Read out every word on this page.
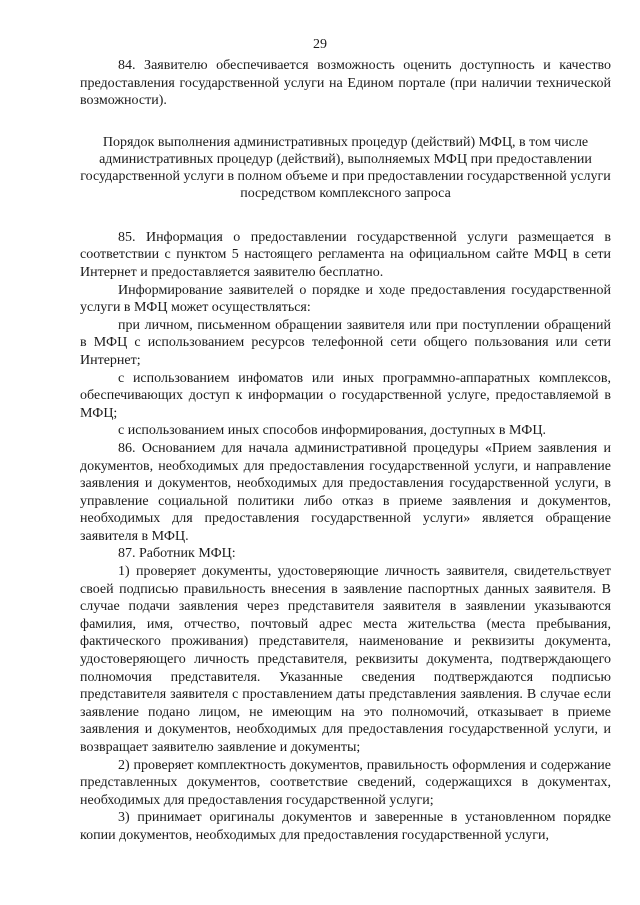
29

84. Заявителю обеспечивается возможность оценить доступность и качество предоставления государственной услуги на Едином портале (при наличии технической возможности).

Порядок выполнения административных процедур (действий) МФЦ, в том числе административных процедур (действий), выполняемых МФЦ при предоставлении государственной услуги в полном объеме и при предоставлении государственной услуги посредством комплексного запроса

85. Информация о предоставлении государственной услуги размещается в соответствии с пунктом 5 настоящего регламента на официальном сайте МФЦ в сети Интернет и предоставляется заявителю бесплатно.

Информирование заявителей о порядке и ходе предоставления государственной услуги в МФЦ может осуществляться:

при личном, письменном обращении заявителя или при поступлении обращений в МФЦ с использованием ресурсов телефонной сети общего пользования или сети Интернет;

с использованием инфоматов или иных программно-аппаратных комплексов, обеспечивающих доступ к информации о государственной услуге, предоставляемой в МФЦ;

с использованием иных способов информирования, доступных в МФЦ.

86. Основанием для начала административной процедуры «Прием заявления и документов, необходимых для предоставления государственной услуги, и направление заявления и документов, необходимых для предоставления государственной услуги, в управление социальной политики либо отказ в приеме заявления и документов, необходимых для предоставления государственной услуги» является обращение заявителя в МФЦ.

87. Работник МФЦ:

1) проверяет документы, удостоверяющие личность заявителя, свидетельствует своей подписью правильность внесения в заявление паспортных данных заявителя. В случае подачи заявления через представителя заявителя в заявлении указываются фамилия, имя, отчество, почтовый адрес места жительства (места пребывания, фактического проживания) представителя, наименование и реквизиты документа, удостоверяющего личность представителя, реквизиты документа, подтверждающего полномочия представителя. Указанные сведения подтверждаются подписью представителя заявителя с проставлением даты представления заявления. В случае если заявление подано лицом, не имеющим на это полномочий, отказывает в приеме заявления и документов, необходимых для предоставления государственной услуги, и возвращает заявителю заявление и документы;

2) проверяет комплектность документов, правильность оформления и содержание представленных документов, соответствие сведений, содержащихся в документах, необходимых для предоставления государственной услуги;

3) принимает оригиналы документов и заверенные в установленном порядке копии документов, необходимых для предоставления государственной услуги,
